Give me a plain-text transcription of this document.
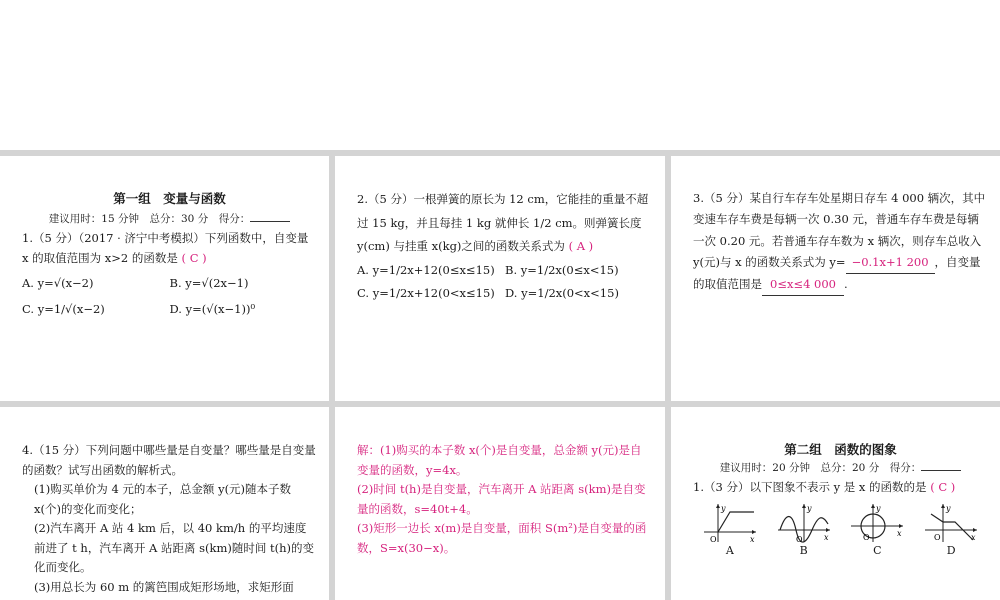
第一组　变量与函数
建议用时：15 分钟　总分：30 分　得分：
1.（5 分）（2017 · 济宁中考模拟）下列函数中，自变量 x 的取值范围为 x>2 的函数是 ( C )
A. y=√(x−2)	B. y=√(2x−1)
C. y=1/√(x−2)	D. y=(√(x−1))⁰
2.（5 分）一根弹簧的原长为 12 cm，它能挂的重量不超过 15 kg，并且每挂 1 kg 就伸长 1/2 cm。则弹簧长度 y(cm) 与挂重 x(kg)之间的函数关系式为 ( A )
A. y=1/2x+12(0≤x≤15) B. y=1/2x(0≤x<15)
C. y=1/2x+12(0<x≤15) D. y=1/2x(0<x<15)
3.（5 分）某自行车存车处星期日存车 4 000 辆次，其中变速车存车费是每辆一次 0.30 元，普通车存车费是每辆一次 0.20 元。若普通车存车数为 x 辆次，则存车总收入 y(元)与 x 的函数关系式为 y= −0.1x+1 200 ，自变量的取值范围是 0≤x≤4 000 .
4.（15 分）下列问题中哪些量是自变量？哪些量是自变量的函数？试写出函数的解析式。
(1)购买单价为 4 元的本子，总金额 y(元)随本子数 x(个)的变化而变化；
(2)汽车离开 A 站 4 km 后，以 40 km/h 的平均速度前进了 t h，汽车离开 A 站距离 s(km)随时间 t(h)的变化而变化。
(3)用总长为 60 m 的篱笆围成矩形场地，求矩形面
解：(1)购买的本子数 x(个)是自变量，总金额 y(元)是自变量的函数，y=4x。
(2)时间 t(h)是自变量，汽车离开 A 站距离 s(km)是自变量的函数，s=40t+4。
(3)矩形一边长 x(m)是自变量，面积 S(m²)是自变量的函数，S=x(30−x)。
第二组　函数的图象
建议用时：20 分钟　总分：20 分　得分：
1.（3 分）以下图象不表示 y 是 x 的函数的是 ( C )
O	x
y
A
O	x
y
B
O	x
y
C
O	x
y
D
